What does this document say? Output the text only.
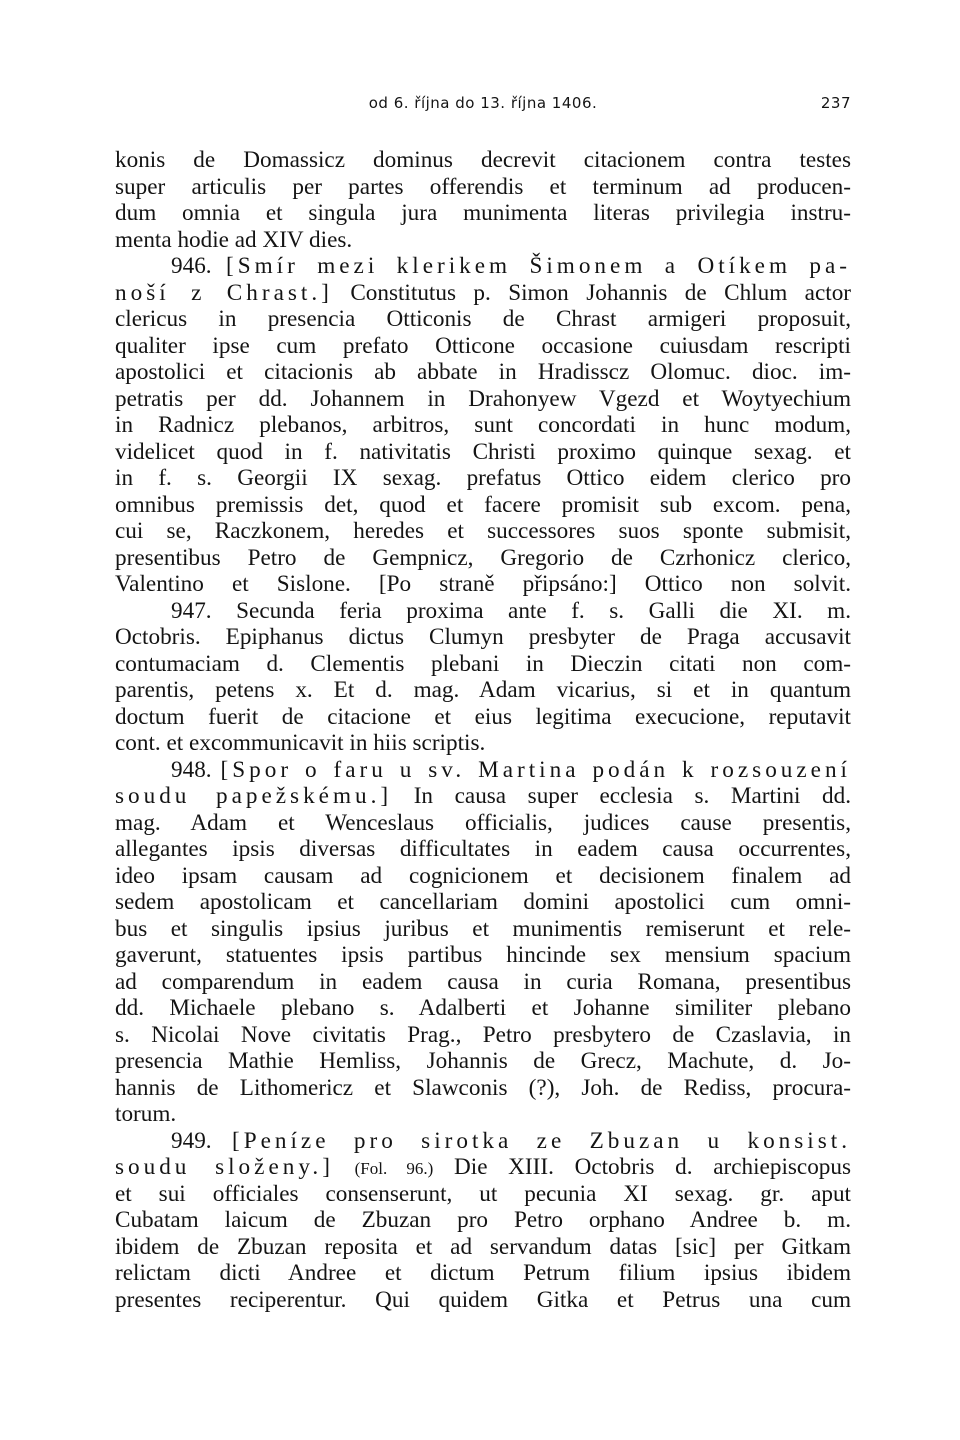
od 6. října do 13. října 1406.	237
konis de Domassicz dominus decrevit citacionem contra testes
super articulis per partes offerendis et terminum ad producen-
dum omnia et singula jura munimenta literas privilegia instru-
menta hodie ad XIV dies.
946. [Smír mezi klerikem Šimonem a Otíkem pa-
noší z Chrast.] Constitutus p. Simon Johannis de Chlum actor
clericus in presencia Otticonis de Chrast armigeri proposuit,
qualiter ipse cum prefato Otticone occasione cuiusdam rescripti
apostolici et citacionis ab abbate in Hradissсz Olomuc. dioc. im-
petratis per dd. Johannem in Drahonyew Vgezd et Woytyechium
in Radnicz plebanos, arbitros, sunt concordati in hunc modum,
videlicet quod in f. nativitatis Christi proximo quinque sexag. et
in f. s. Georgii IX sexag. prefatus Ottico eidem clerico pro
omnibus premissis det, quod et facere promisit sub excom. pena,
cui se, Raczkonem, heredes et successores suos sponte submisit,
presentibus Petro de Gempnicz, Gregorio de Czrhonicz clerico,
Valentino et Sislone. [Po straně připsáno:] Ottico non solvit.
947. Secunda feria proxima ante f. s. Galli die XI. m.
Octobris. Epiphanus dictus Clumyn presbyter de Praga accusavit
contumaciam d. Clementis plebani in Dieczin citati non com-
parentis, petens x. Et d. mag. Adam vicarius, si et in quantum
doctum fuerit de citacione et eius legitima execucione, reputavit
cont. et excommunicavit in hiis scriptis.
948. [Spor o faru u sv. Martina podán k rozsouzení
soudu papežskému.] In causa super ecclesia s. Martini dd.
mag. Adam et Wenceslaus officialis, judices cause presentis,
allegantes ipsis diversas difficultates in eadem causa occurrentes,
ideo ipsam causam ad cognicionem et decisionem finalem ad
sedem apostolicam et cancellariam domini apostolici cum omni-
bus et singulis ipsius juribus et munimentis remiserunt et rele-
gaverunt, statuentes ipsis partibus hincinde sex mensium spacium
ad comparendum in eadem causa in curia Romana, presentibus
dd. Michaele plebano s. Adalberti et Johanne similiter plebano
s. Nicolai Nove civitatis Prag., Petro presbytero de Czaslavia, in
presencia Mathie Hemliss, Johannis de Grecz, Machute, d. Jo-
hannis de Lithomericz et Slawconis (?), Joh. de Rediss, procura-
torum.
949. [Peníze pro sirotka ze Zbuzan u konsist.
soudu složeny.] (Fol. 96.) Die XIII. Octobris d. archiepiscopus
et sui officiales consenserunt, ut pecunia XI sexag. gr. aput
Cubatam laicum de Zbuzan pro Petro orphano Andree b. m.
ibidem de Zbuzan reposita et ad servandum datas [sic] per Gitkam
relictam dicti Andree et dictum Petrum filium ipsius ibidem
presentes reciperentur. Qui quidem Gitka et Petrus una cum
